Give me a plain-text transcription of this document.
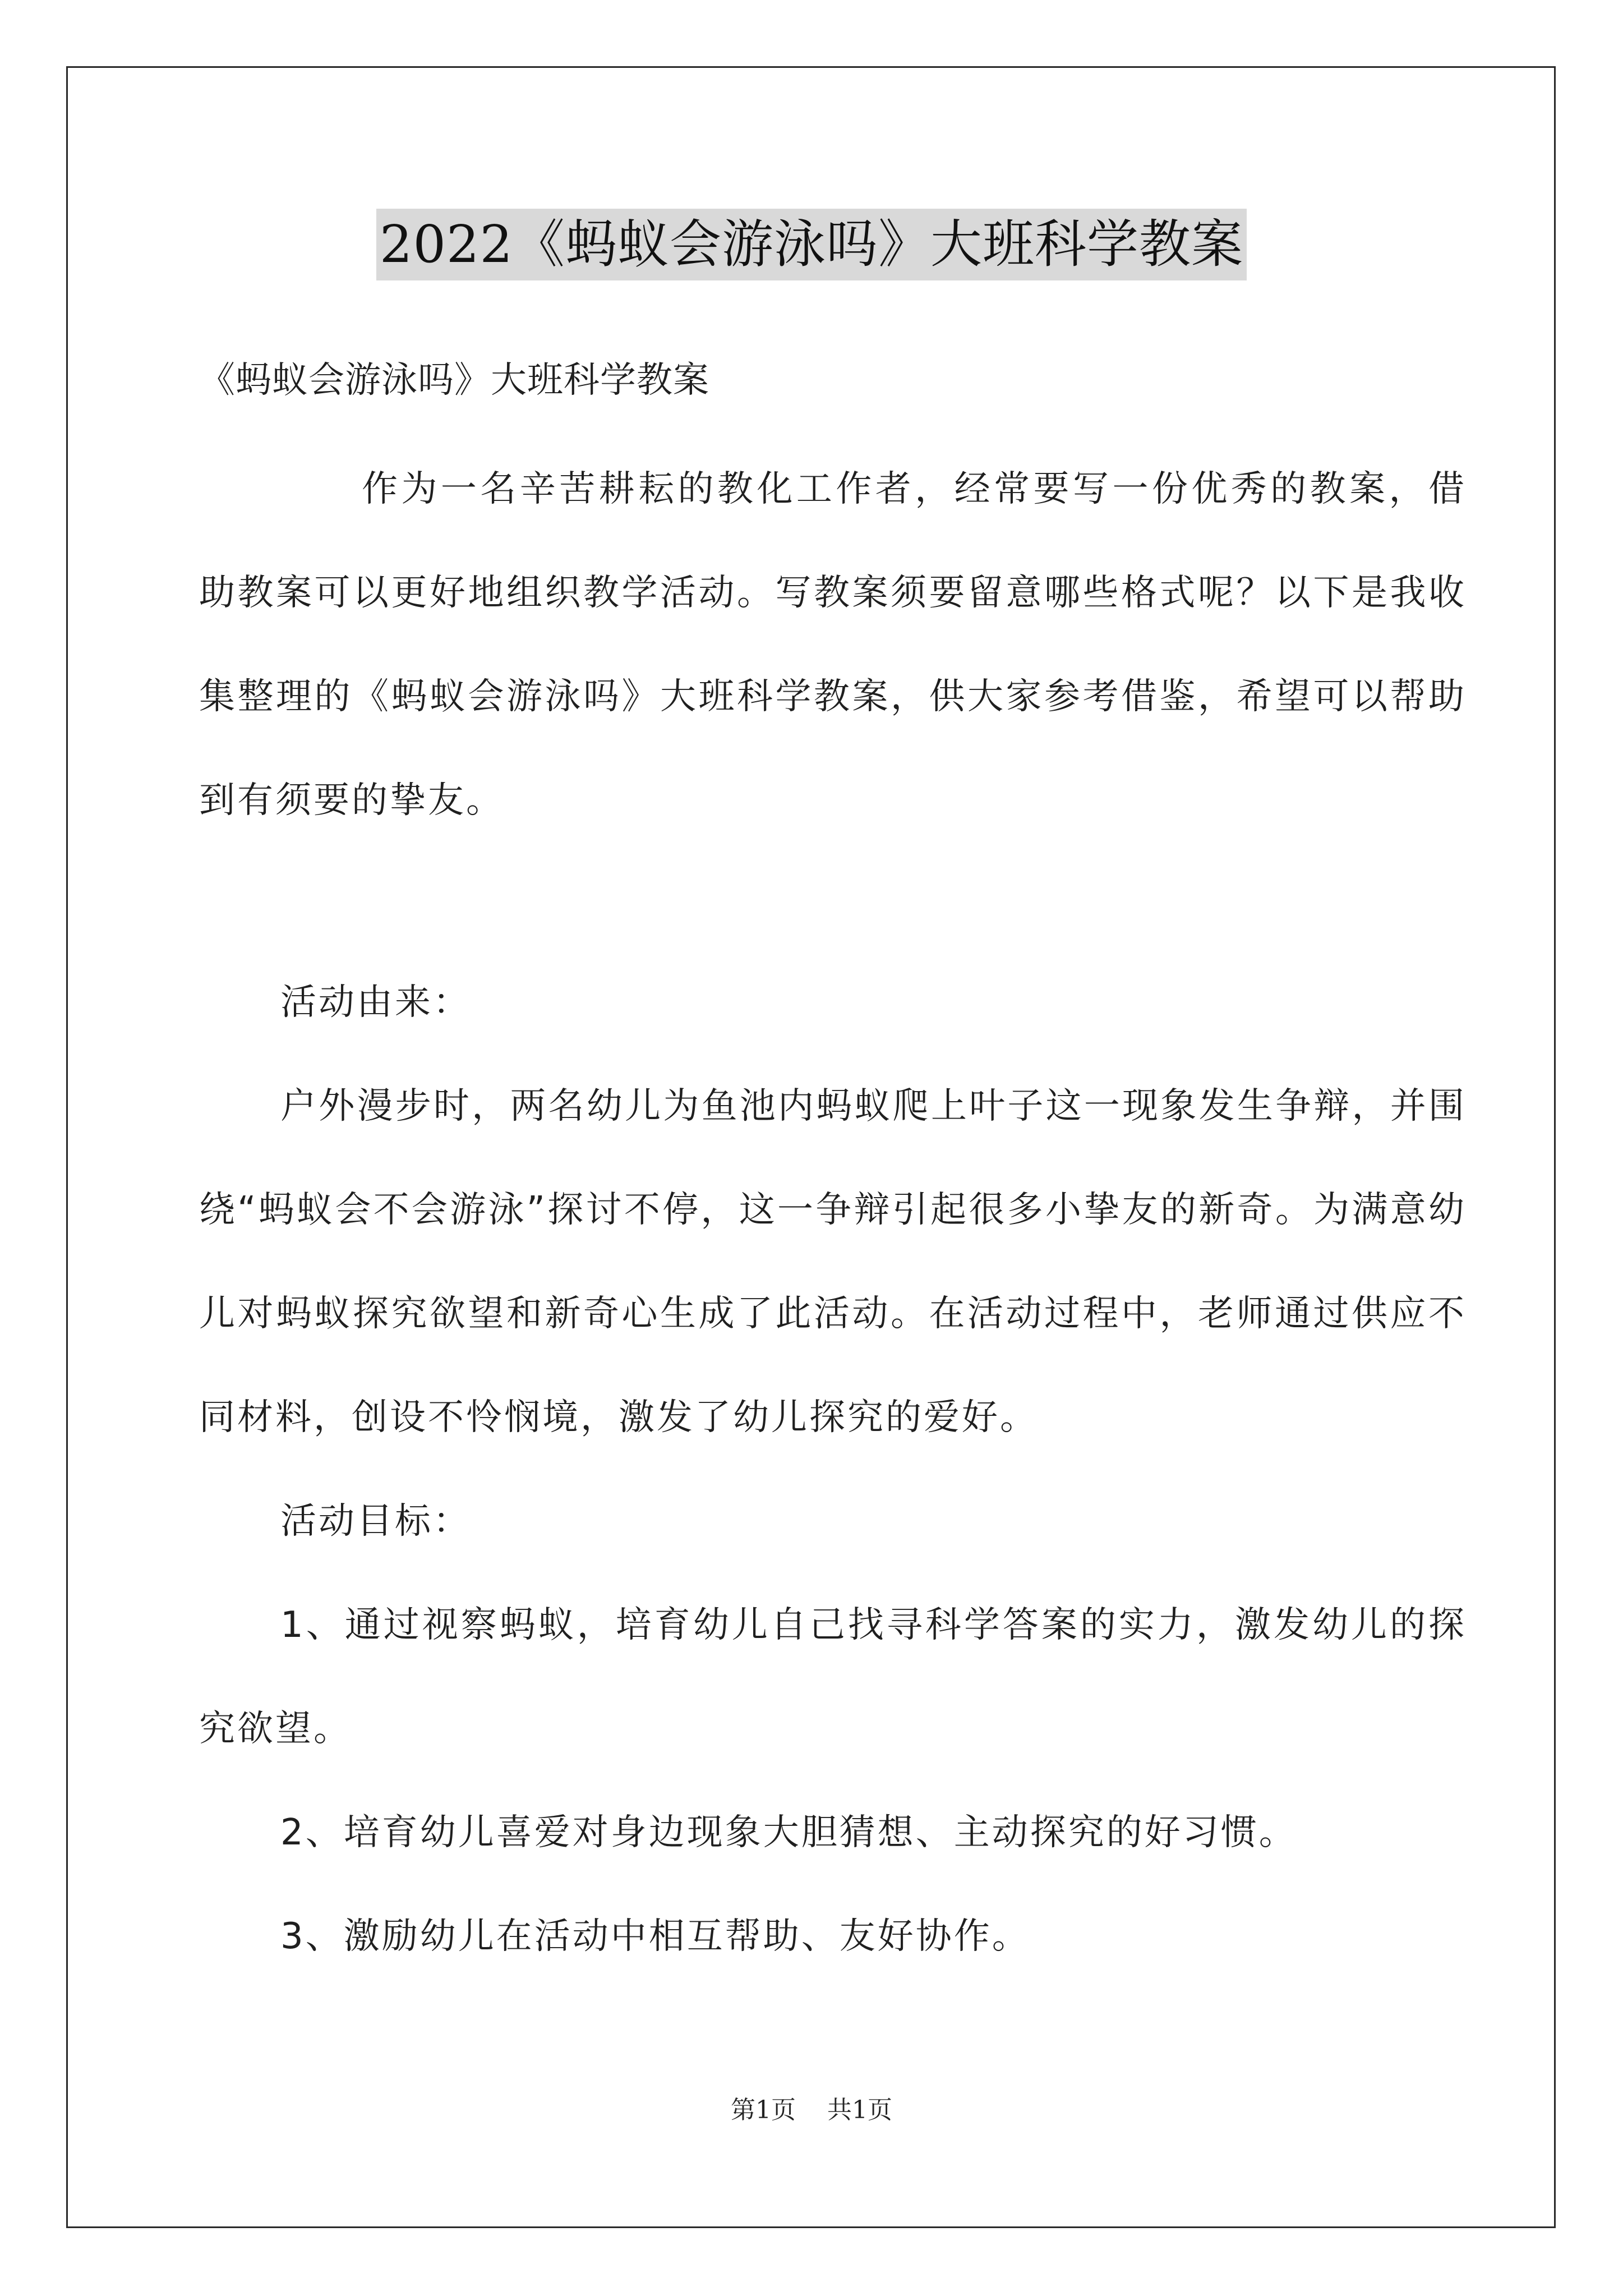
2022《蚂蚁会游泳吗》大班科学教案

《蚂蚁会游泳吗》大班科学教案

作为一名辛苦耕耘的教化工作者，经常要写一份优秀的教案，借助教案可以更好地组织教学活动。写教案须要留意哪些格式呢？以下是我收集整理的《蚂蚁会游泳吗》大班科学教案，供大家参考借鉴，希望可以帮助到有须要的挚友。

活动由来：

户外漫步时，两名幼儿为鱼池内蚂蚁爬上叶子这一现象发生争辩，并围绕“蚂蚁会不会游泳”探讨不停，这一争辩引起很多小挚友的新奇。为满意幼儿对蚂蚁探究欲望和新奇心生成了此活动。在活动过程中，老师通过供应不同材料，创设不怜悯境，激发了幼儿探究的爱好。

活动目标：

1、通过视察蚂蚁，培育幼儿自己找寻科学答案的实力，激发幼儿的探究欲望。

2、培育幼儿喜爱对身边现象大胆猜想、主动探究的好习惯。

3、激励幼儿在活动中相互帮助、友好协作。

第1页 共1页
